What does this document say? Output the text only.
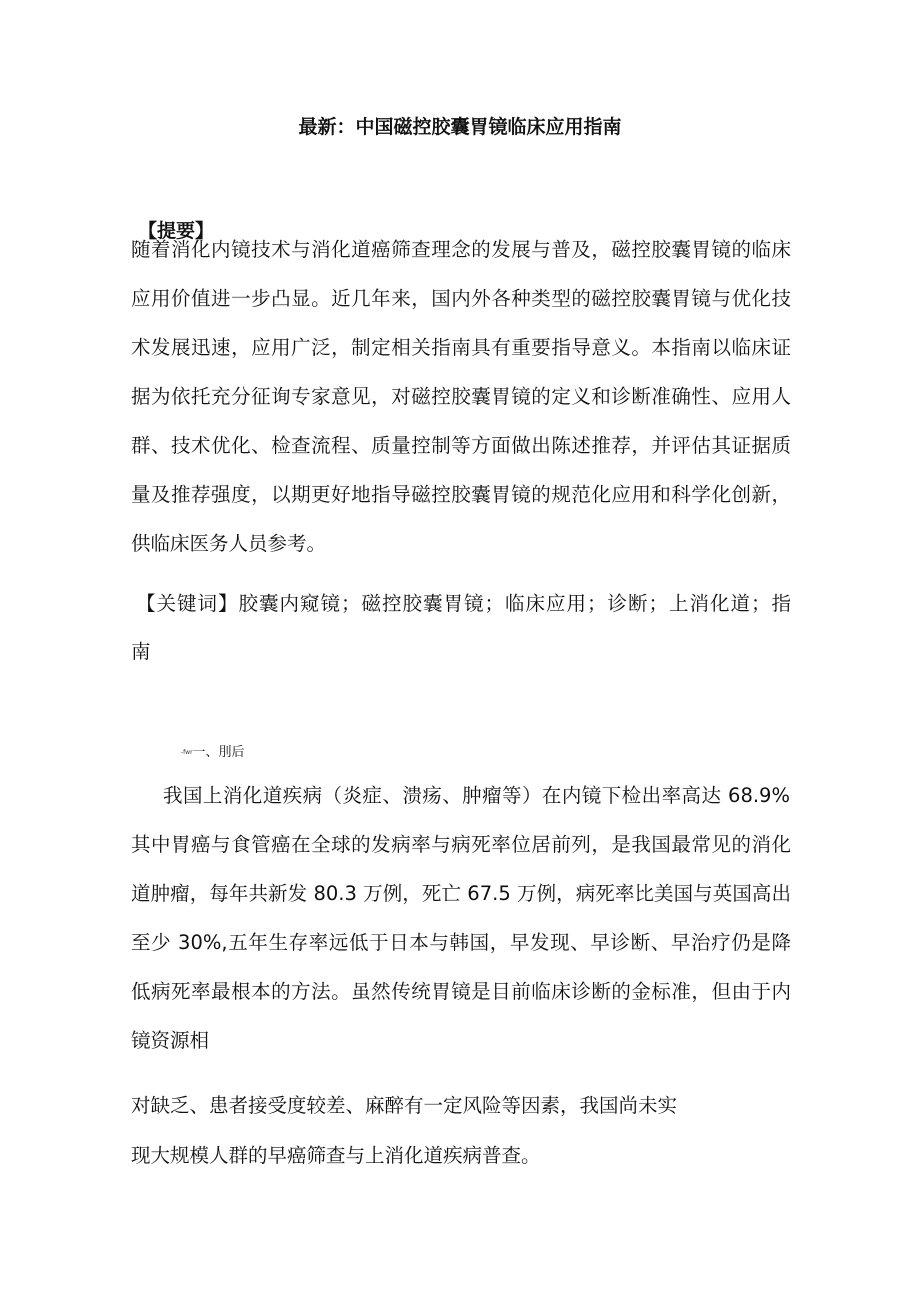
最新：中国磁控胶囊胃镜临床应用指南
【提要】
随着消化内镜技术与消化道癌筛查理念的发展与普及，磁控胶囊胃镜的临床
应用价值进一步凸显。近几年来，国内外各种类型的磁控胶囊胃镜与优化技
术发展迅速，应用广泛，制定相关指南具有重要指导意义。本指南以临床证
据为依托充分征询专家意见，对磁控胶囊胃镜的定义和诊断准确性、应用人
群、技术优化、检查流程、质量控制等方面做出陈述推荐，并评估其证据质
量及推荐强度，以期更好地指导磁控胶囊胃镜的规范化应用和科学化创新，
供临床医务人员参考。
【关键词】胶囊内窥镜；磁控胶囊胃镜；临床应用；诊断；上消化道；指
南
-fwr一、刖后
我国上消化道疾病（炎症、溃疡、肿瘤等）在内镜下检出率高达 68.9%
其中胃癌与食管癌在全球的发病率与病死率位居前列，是我国最常见的消化
道肿瘤，每年共新发 80.3 万例，死亡 67.5 万例，病死率比美国与英国高出
至少 30%,五年生存率远低于日本与韩国，早发现、早诊断、早治疗仍是降
低病死率最根本的方法。虽然传统胃镜是目前临床诊断的金标准，但由于内
镜资源相
对缺乏、患者接受度较差、麻醉有一定风险等因素，我国尚未实
现大规模人群的早癌筛查与上消化道疾病普查。
